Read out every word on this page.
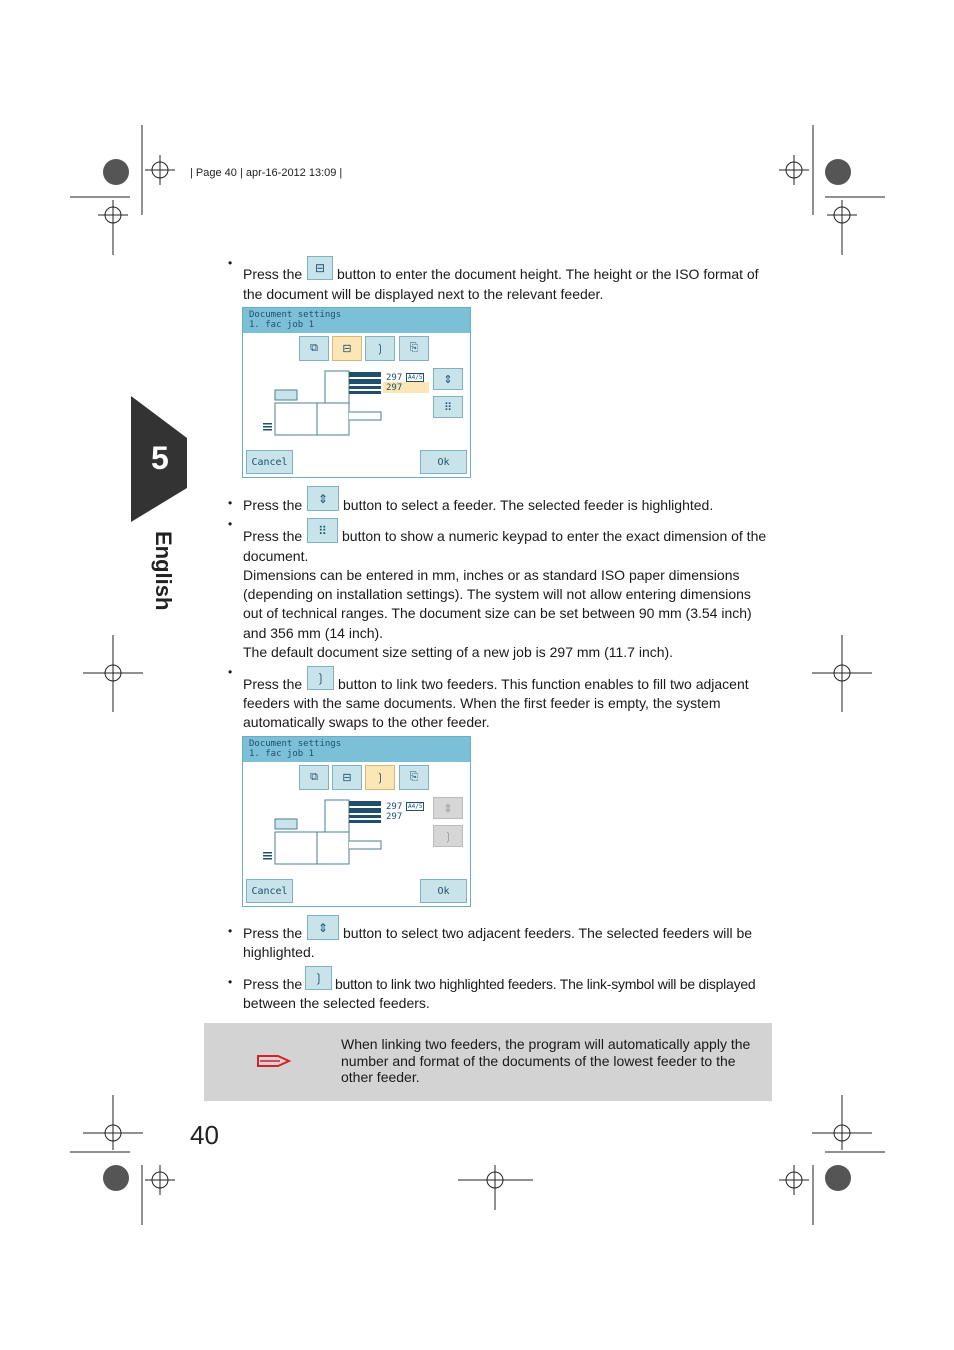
| Page 40 | apr-16-2012 13:09 |
5
English
•
Press the ⊟ button to enter the document height. The height or the ISO format of
the document will be displayed next to the relevant feeder.
Document settings
1. fac job 1
⧉ ⊟ ❳ ⎘
297 A4/5
297
⇕
⠿
Cancel	Ok
• Press the ⇕ button to select a feeder. The selected feeder is highlighted.
•
Press the ⠿ button to show a numeric keypad to enter the exact dimension of the
document.
Dimensions can be entered in mm, inches or as standard ISO paper dimensions
(depending on installation settings). The system will not allow entering dimensions
out of technical ranges. The document size can be set between 90 mm (3.54 inch)
and 356 mm (14 inch).
The default document size setting of a new job is 297 mm (11.7 inch).
•
Press the ❳ button to link two feeders. This function enables to fill two adjacent
feeders with the same documents. When the first feeder is empty, the system
automatically swaps to the other feeder.
Document settings
1. fac job 1
⧉ ⊟ ❳ ⎘
297 A4/5
297
⇕
❳
Cancel	Ok
• Press the ⇕ button to select two adjacent feeders. The selected feeders will be
highlighted.
• Press the ❳ button to link two highlighted feeders. The link-symbol will be displayed
between the selected feeders.
When linking two feeders, the program will automatically apply the
number and format of the documents of the lowest feeder to the
other feeder.
40
